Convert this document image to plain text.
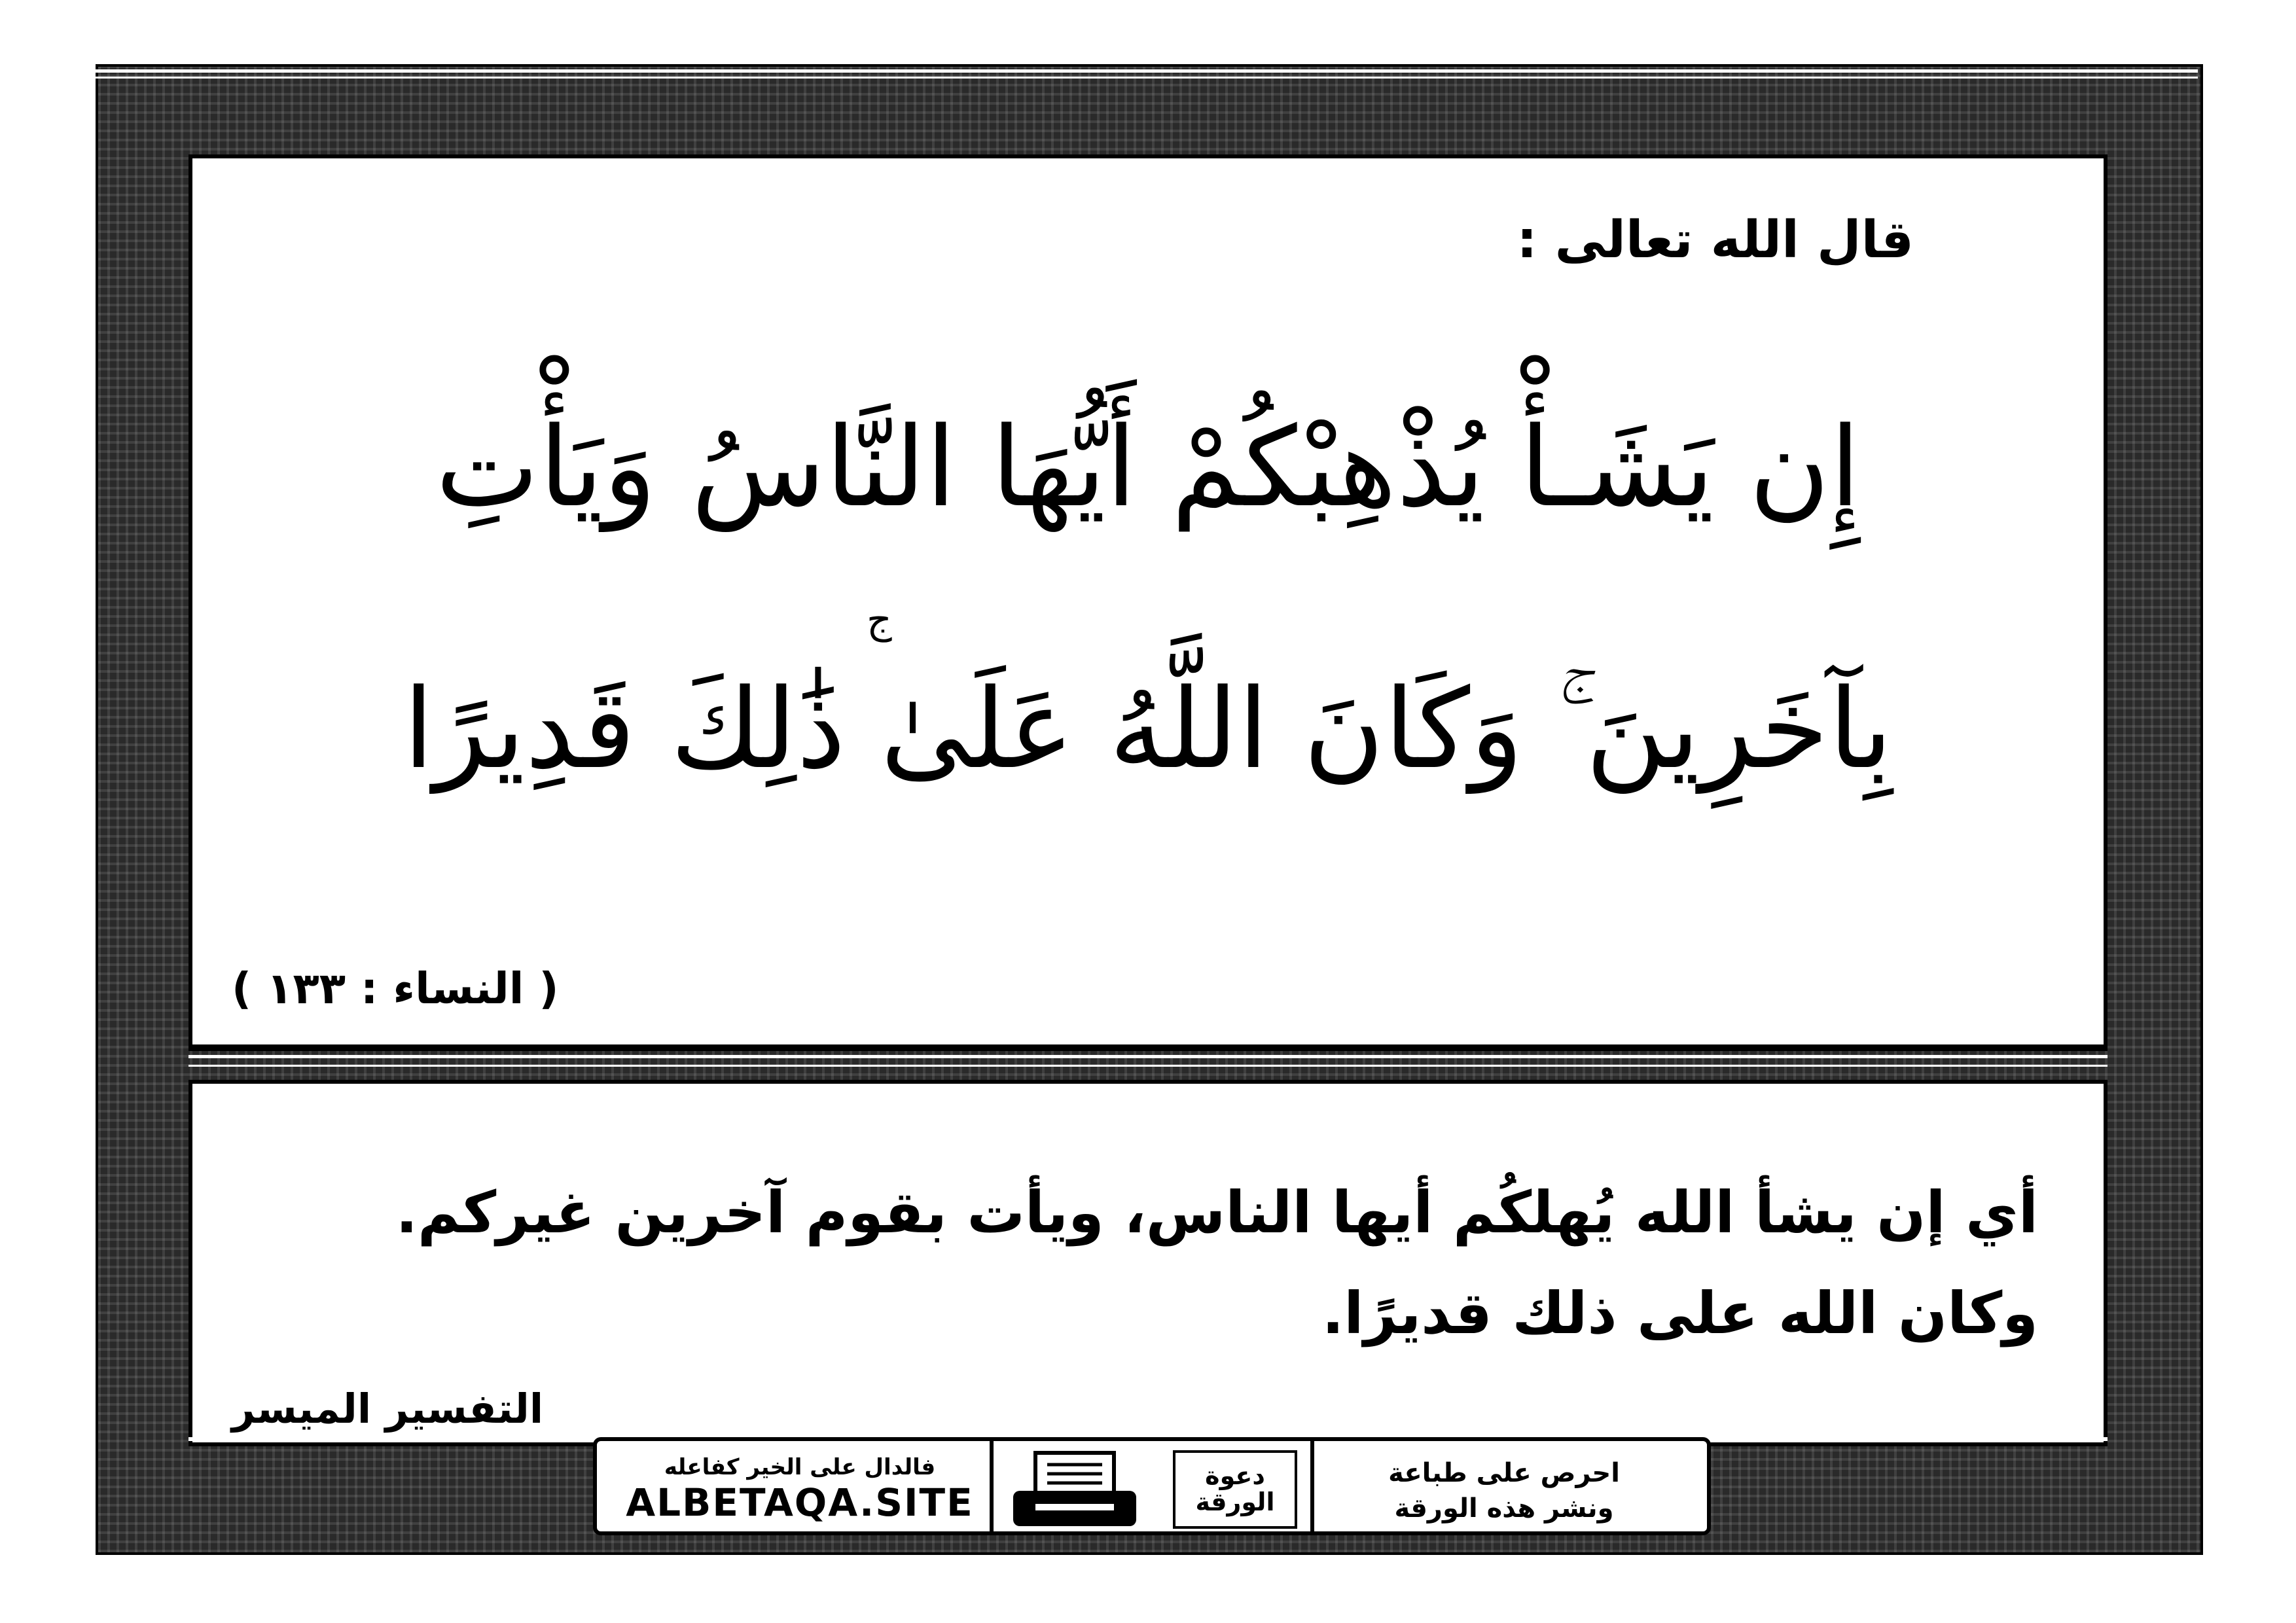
قال الله تعالى :
إِن يَشَـأْ يُذْهِبْكُمْ أَيُّهَا النَّاسُ وَيَأْتِ
ج
بِآخَرِينَ ۚ وَكَانَ اللَّهُ عَلَىٰ ذَٰلِكَ قَدِيرًا
( النساء : ١٣٣ )
أي إن يشأ الله يُهلكُم أيها الناس، ويأت بقوم آخرين غيركم.
وكان الله على ذلك قديرًا.
التفسير الميسر
احرص على طباعة
ونشر هذه الورقة
دعوة
الورقة
فالدال على الخير كفاعله
ALBETAQA.SITE
